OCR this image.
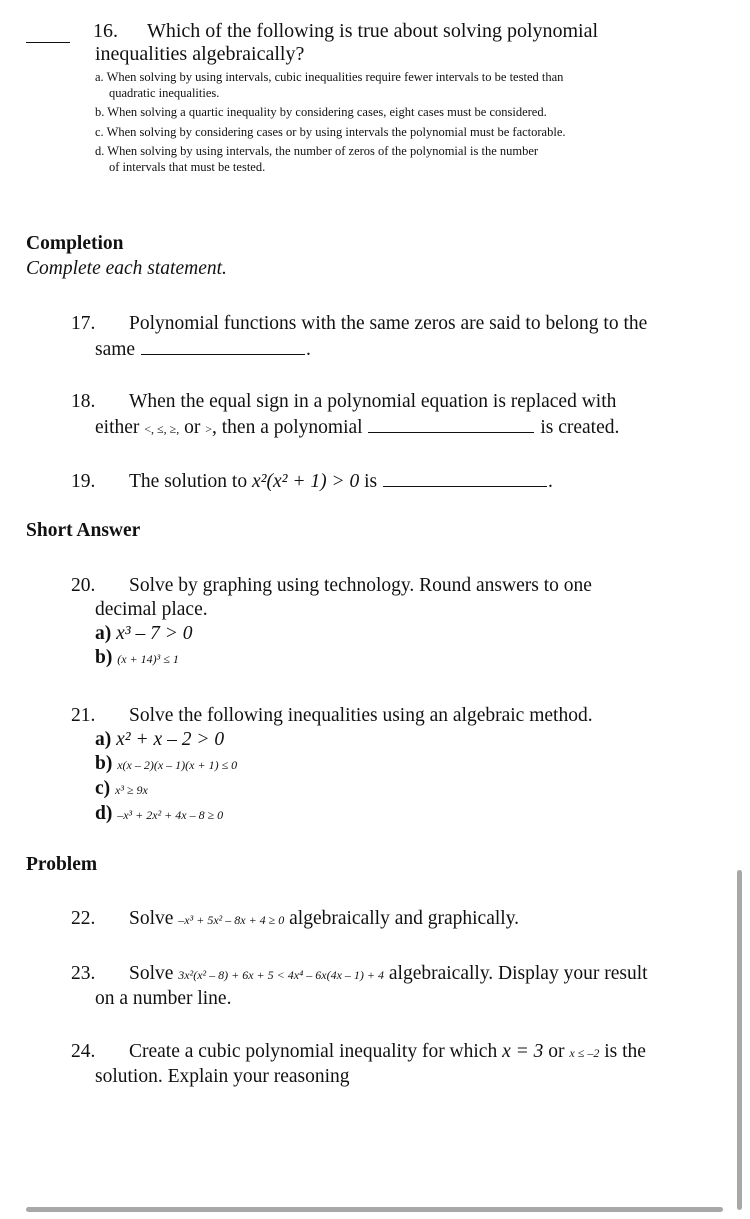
16. Which of the following is true about solving polynomial
inequalities algebraically?
a. When solving by using intervals, cubic inequalities require fewer intervals to be tested than
quadratic inequalities.
b. When solving a quartic inequality by considering cases, eight cases must be considered.
c. When solving by considering cases or by using intervals the polynomial must be factorable.
d. When solving by using intervals, the number of zeros of the polynomial is the number
of intervals that must be tested.
Completion
Complete each statement.
17. Polynomial functions with the same zeros are said to belong to the
same	.
18. When the equal sign in a polynomial equation is replaced with
either <, ≤, ≥, or >, then a polynomial	is created.
19. The solution to x²(x² + 1) > 0 is	.
Short Answer
20. Solve by graphing using technology. Round answers to one
decimal place.
a) x³ – 7 > 0
b) (x + 14)³ ≤ 1
21. Solve the following inequalities using an algebraic method.
a) x² + x – 2 > 0
b) x(x – 2)(x – 1)(x + 1) ≤ 0
c) x³ ≥ 9x
d) –x³ + 2x² + 4x – 8 ≥ 0
Problem
22. Solve –x³ + 5x² – 8x + 4 ≥ 0 algebraically and graphically.
23. Solve 3x²(x² – 8) + 6x + 5 < 4x⁴ – 6x(4x – 1) + 4 algebraically. Display your result
on a number line.
24. Create a cubic polynomial inequality for which x = 3 or x ≤ –2 is the
solution. Explain your reasoning
